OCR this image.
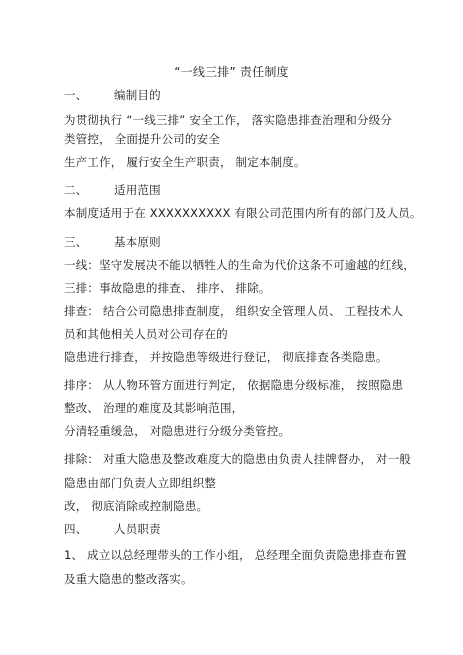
“一线三排” 责任制度
一、 编制目的
为贯彻执行 “一线三排” 安全工作， 落实隐患排查治理和分级分
类管控， 全面提升公司的安全
生产工作， 履行安全生产职责， 制定本制度。
二、 适用范围
本制度适用于在 XXXXXXXXXX 有限公司范围内所有的部门及人员。
三、 基本原则
一线：坚守发展决不能以牺牲人的生命为代价这条不可逾越的红线，
三排：事故隐患的排查、 排序、 排除。
排查： 结合公司隐患排查制度， 组织安全管理人员、 工程技术人
员和其他相关人员对公司存在的
隐患进行排查， 并按隐患等级进行登记， 彻底排查各类隐患。
排序： 从人物环管方面进行判定， 依据隐患分级标准， 按照隐患
整改、 治理的难度及其影响范围，
分清轻重缓急， 对隐患进行分级分类管控。
排除： 对重大隐患及整改难度大的隐患由负责人挂牌督办， 对一般
隐患由部门负责人立即组织整
改， 彻底消除或控制隐患。
四、 人员职责
1、 成立以总经理带头的工作小组， 总经理全面负责隐患排查布置
及重大隐患的整改落实。
